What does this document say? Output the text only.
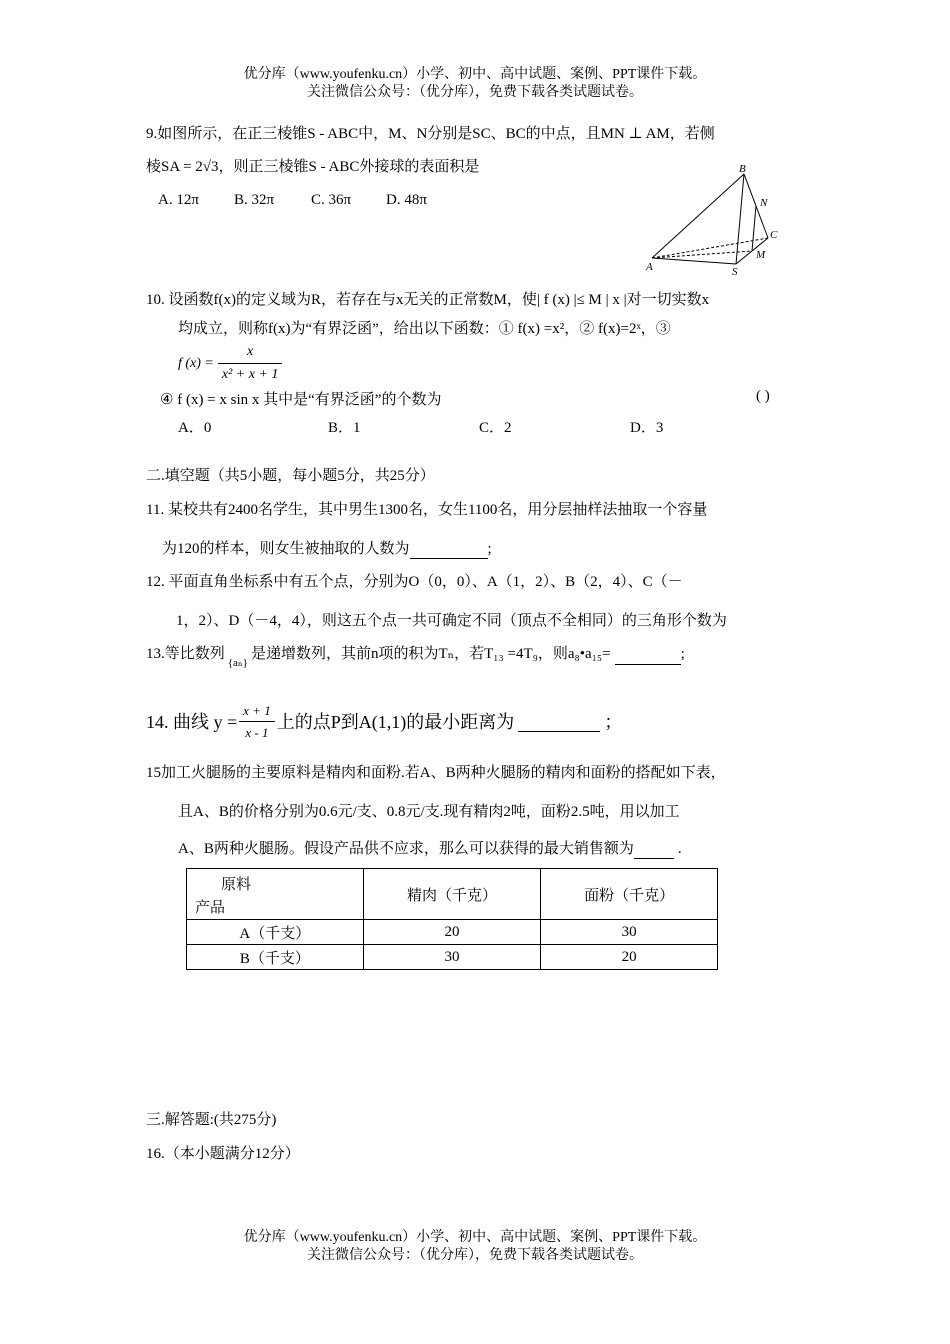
优分库（www.youfenku.cn）小学、初中、高中试题、案例、PPT课件下载。
关注微信公众号：（优分库），免费下载各类试题试卷。
9.如图所示，在正三棱锥S - ABC中，M、N分别是SC、BC的中点，且MN ⊥ AM，若侧
棱SA = 2√3，则正三棱锥S - ABC外接球的表面积是
A. 12π B. 32π C. 36π D. 48π
B
N
C
M
A	S
10. 设函数f(x)的定义域为R，若存在与x无关的正常数M，使| f (x) |≤ M | x |对一切实数x
均成立，则称f(x)为“有界泛函”，给出以下函数：① f(x) =x²，② f(x)=2ˣ，③
f $(x) = \frac{x}{\text{x² + x + 1}}$
④ f (x) = x sin x 其中是“有界泛函”的个数为	( )
A．0	B．1	C．2	D．3
二.填空题（共5小题，每小题5分，共25分）
11. 某校共有2400名学生，其中男生1300名，女生1100名，用分层抽样法抽取一个容量
为120的样本，则女生被抽取的人数为	;
12. 平面直角坐标系中有五个点，分别为O（0，0）、A（1，2）、B（2，4）、C（－
1，2）、D（－4，4），则这五个点一共可确定不同（顶点不全相同）的三角形个数为
13.等比数列$_{\{a_n\}}$是递增数列，其前n项的积为Tₙ，若T₁₃ =4T₉，则a₈•a₁₅=	;
14. 曲线 $y = \frac{x + 1}{x - 1}$ 上的点P到A(1,1)的最小距离为
	；
15加工火腿肠的主要原料是精肉和面粉.若A、B两种火腿肠的精肉和面粉的搭配如下表，
且A、B的价格分别为0.6元/支、0.8元/支.现有精肉2吨，面粉2.5吨，用以加工
A、B两种火腿肠。假设产品供不应求，那么可以获得的最大销售额为	.
原料
产品	精肉（千克）	面粉（千克）
A（千支）	20	30
B（千支）	30	20
三.解答题:(共275分)
16.（本小题满分12分）
优分库（www.youfenku.cn）小学、初中、高中试题、案例、PPT课件下载。
关注微信公众号：（优分库），免费下载各类试题试卷。
